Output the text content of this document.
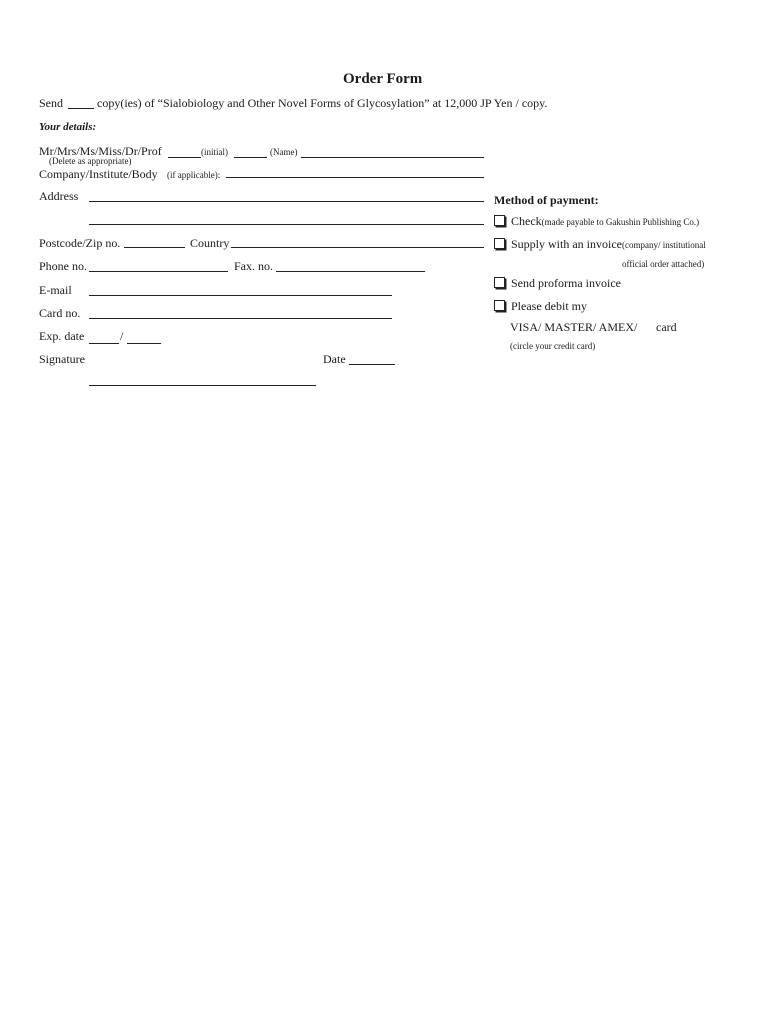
Order Form
Send	copy(ies) of “Sialobiology and Other Novel Forms of Glycosylation” at 12,000 JP Yen / copy.
Your details:
Mr/Mrs/Ms/Miss/Dr/Prof	(initial)	(Name)
(Delete as appropriate)
Company/Institute/Body (if applicable):
Address
Postcode/Zip no.	Country
Phone no.	Fax. no.
E-mail
Card no.
Exp. date	/
Signature	Date
Method of payment:
Check(made payable to Gakushin Publishing Co.)
Supply with an invoice(company/ institutional
official order attached)
Send proforma invoice
Please debit my
VISA/ MASTER/ AMEX/ card
(circle your credit card)
